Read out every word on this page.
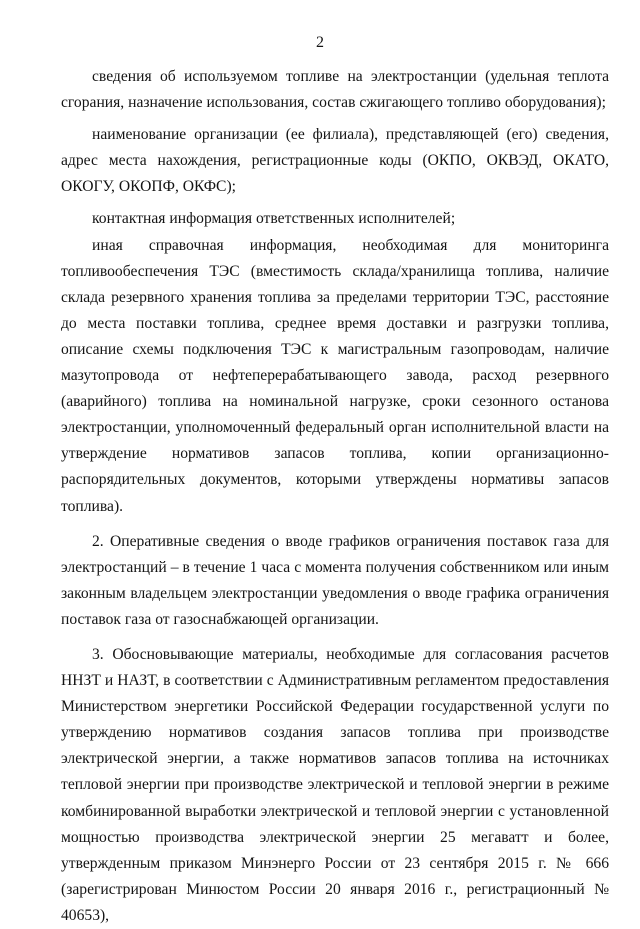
2

сведения об используемом топливе на электростанции (удельная теплота сгорания, назначение использования, состав сжигающего топливо оборудования);

наименование организации (ее филиала), представляющей (его) сведения, адрес места нахождения, регистрационные коды (ОКПО, ОКВЭД, ОКАТО, ОКОГУ, ОКОПФ, ОКФС);

контактная информация ответственных исполнителей;

иная справочная информация, необходимая для мониторинга топливообеспечения ТЭС (вместимость склада/хранилища топлива, наличие склада резервного хранения топлива за пределами территории ТЭС, расстояние до места поставки топлива, среднее время доставки и разгрузки топлива, описание схемы подключения ТЭС к магистральным газопроводам, наличие мазутопровода от нефтеперерабатывающего завода, расход резервного (аварийного) топлива на номинальной нагрузке, сроки сезонного останова электростанции, уполномоченный федеральный орган исполнительной власти на утверждение нормативов запасов топлива, копии организационно-распорядительных документов, которыми утверждены нормативы запасов топлива).

2. Оперативные сведения о вводе графиков ограничения поставок газа для электростанций – в течение 1 часа с момента получения собственником или иным законным владельцем электростанции уведомления о вводе графика ограничения поставок газа от газоснабжающей организации.

3. Обосновывающие материалы, необходимые для согласования расчетов ННЗТ и НАЗТ, в соответствии с Административным регламентом предоставления Министерством энергетики Российской Федерации государственной услуги по утверждению нормативов создания запасов топлива при производстве электрической энергии, а также нормативов запасов топлива на источниках тепловой энергии при производстве электрической и тепловой энергии в режиме комбинированной выработки электрической и тепловой энергии с установленной мощностью производства электрической энергии 25 мегаватт и более, утвержденным приказом Минэнерго России от 23 сентября 2015 г. № 666 (зарегистрирован Минюстом России 20 января 2016 г., регистрационный № 40653),
